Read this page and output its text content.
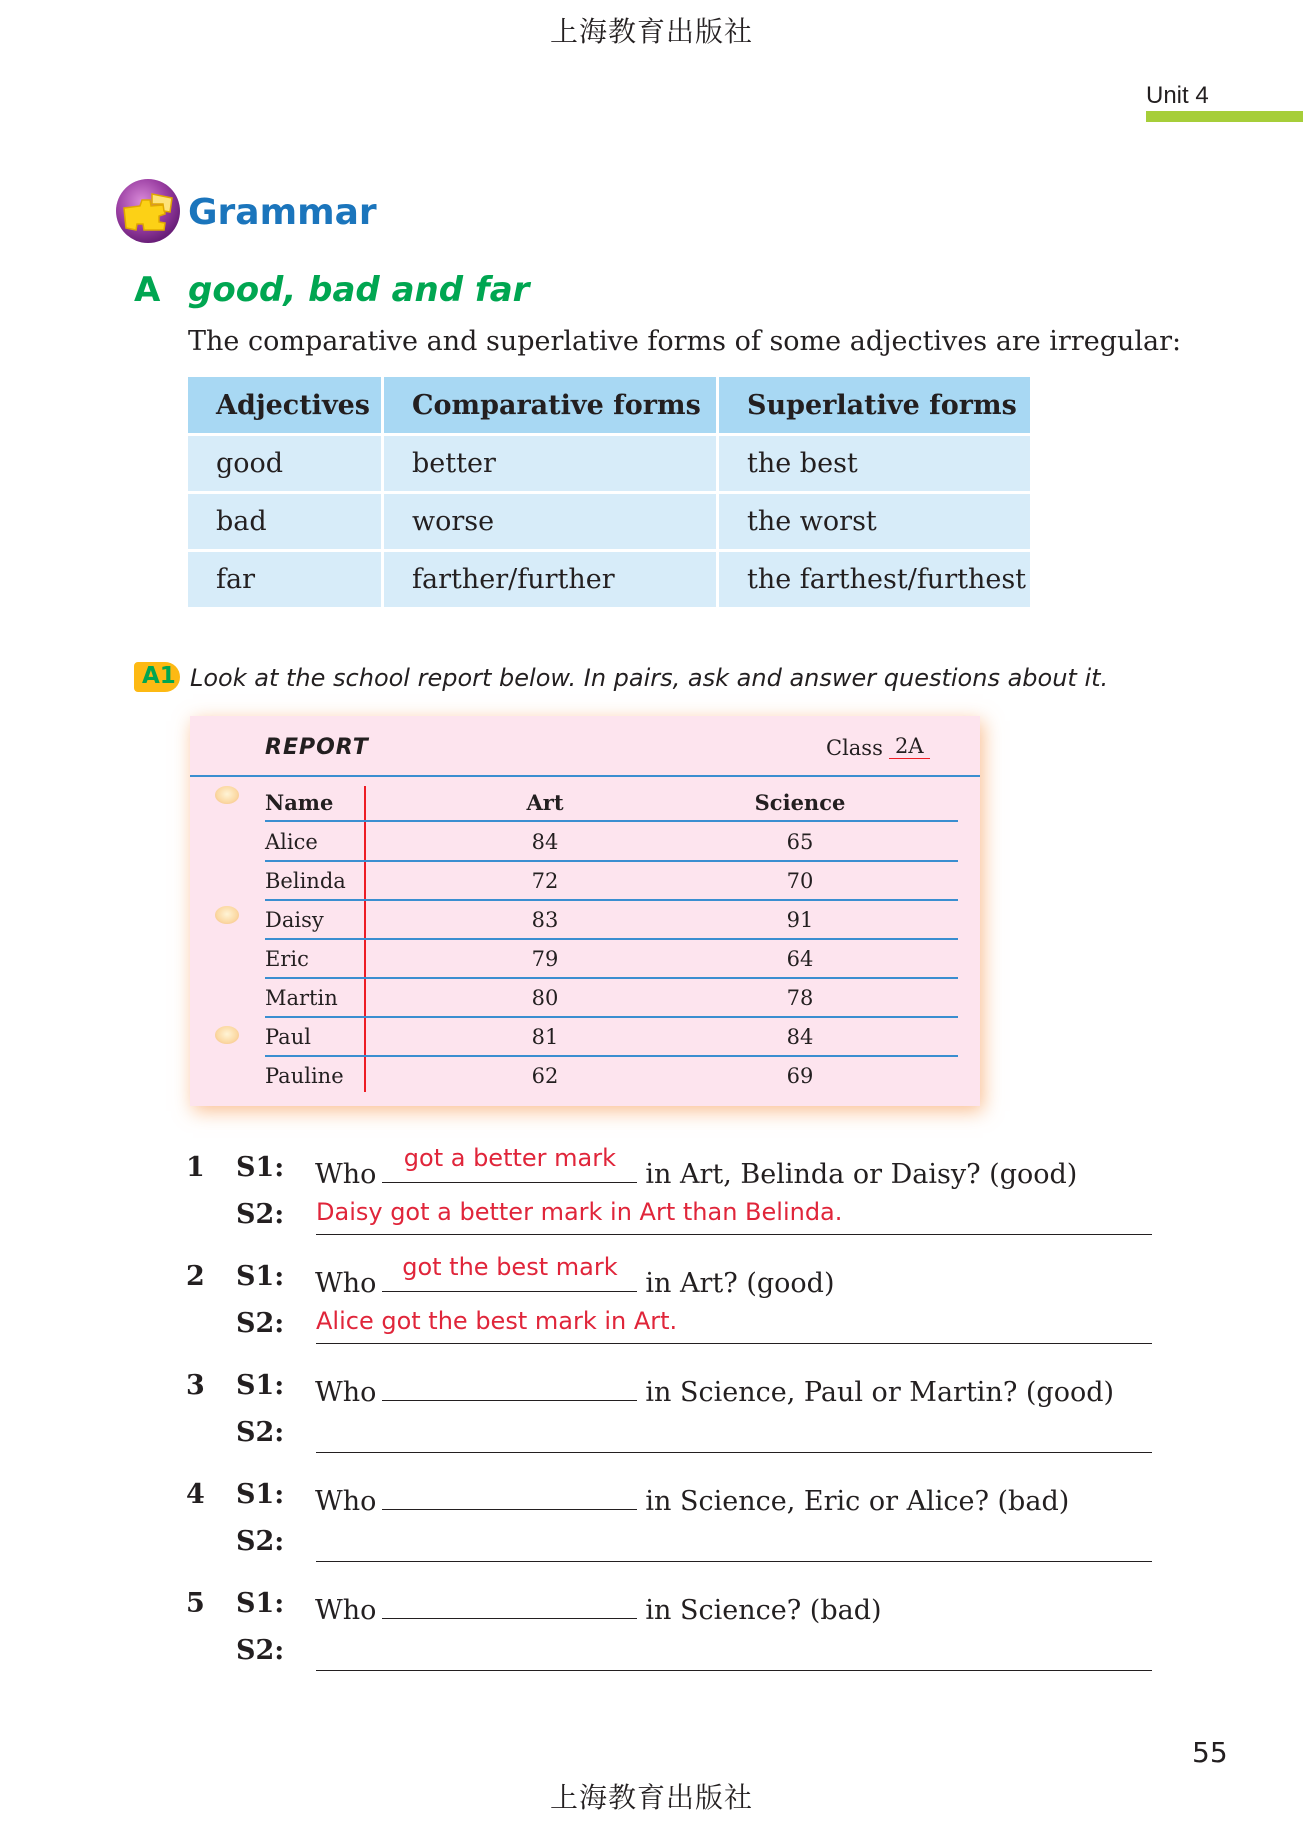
上海教育出版社
Unit 4
Grammar
A good, bad and far
The comparative and superlative forms of some adjectives are irregular:
Adjectives	Comparative forms	Superlative forms
good	better	the best
bad	worse	the worst
far	farther/further	the farthest/furthest
A1 Look at the school report below. In pairs, ask and answer questions about it.
REPORT	Class 2A
Name	Art	Science
Alice	84	65
Belinda	72	70
Daisy	83	91
Eric	79	64
Martin	80	78
Paul	81	84
Pauline	62	69
1 S1: Who
got a better mark
in Art, Belinda or Daisy? (good)
S2: Daisy got a better mark in Art than Belinda.
2 S1: Who
got the best mark
in Art? (good)
S2: Alice got the best mark in Art.
3 S1: Who	in Science, Paul or Martin? (good)
S2:
4 S1: Who	in Science, Eric or Alice? (bad)
S2:
5 S1: Who	in Science? (bad)
S2:
55
上海教育出版社
